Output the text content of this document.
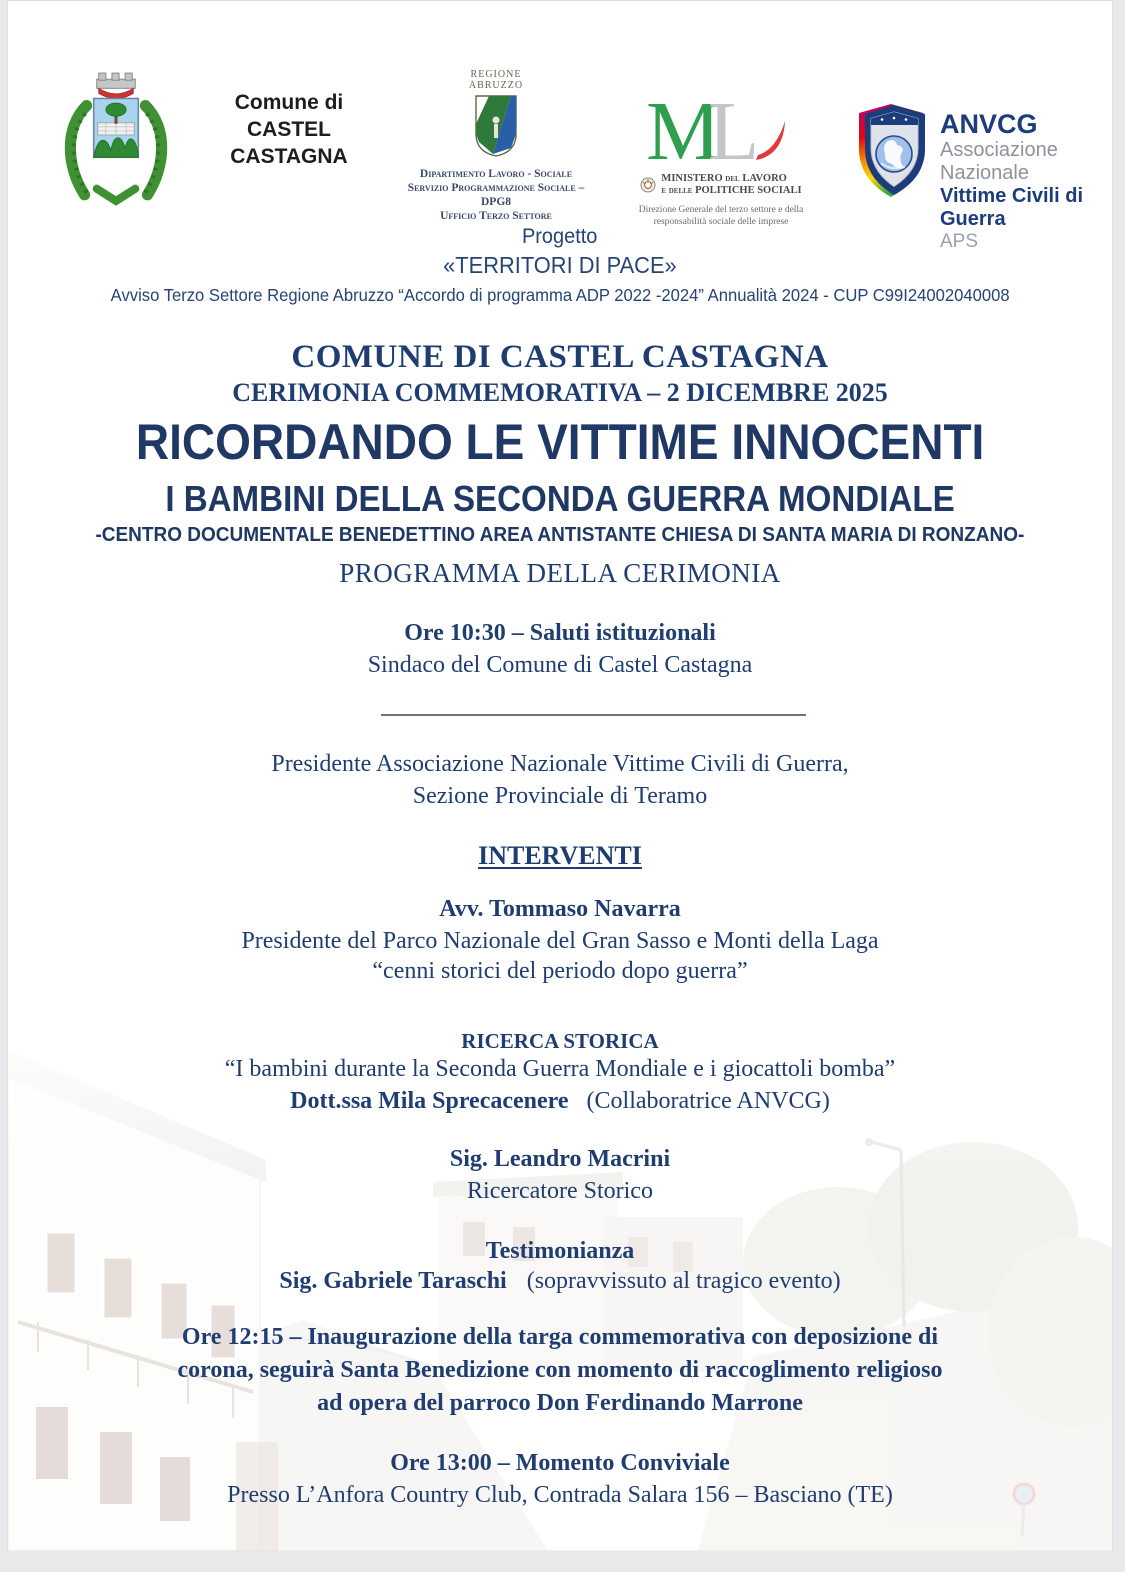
Comune di
CASTEL
CASTAGNA
REGIONE
ABRUZZO
Dipartimento Lavoro - Sociale
Servizio Programmazione Sociale – DPG8
Ufficio Terzo Settore
M
L
MINISTERO del LAVORO
e delle POLITICHE SOCIALI
Direzione Generale del terzo settore e della
responsabilità sociale delle imprese
ANVCG
Associazione Nazionale
Vittime Civili di Guerra
APS
Progetto
«TERRITORI DI PACE»
Avviso Terzo Settore Regione Abruzzo “Accordo di programma ADP 2022 -2024” Annualità 2024 - CUP C99I24002040008
COMUNE DI CASTEL CASTAGNA
CERIMONIA COMMEMORATIVA – 2 DICEMBRE 2025
RICORDANDO LE VITTIME INNOCENTI
I BAMBINI DELLA SECONDA GUERRA MONDIALE
-CENTRO DOCUMENTALE BENEDETTINO AREA ANTISTANTE CHIESA DI SANTA MARIA DI RONZANO-
PROGRAMMA DELLA CERIMONIA
Ore 10:30 – Saluti istituzionali
Sindaco del Comune di Castel Castagna
Presidente Associazione Nazionale Vittime Civili di Guerra,
Sezione Provinciale di Teramo
INTERVENTI
Avv. Tommaso Navarra
Presidente del Parco Nazionale del Gran Sasso e Monti della Laga
“cenni storici del periodo dopo guerra”
RICERCA STORICA
“I bambini durante la Seconda Guerra Mondiale e i giocattoli bomba”
Dott.ssa Mila Sprecacenere (Collaboratrice ANVCG)
Sig. Leandro Macrini
Ricercatore Storico
Testimonianza
Sig. Gabriele Taraschi (sopravvissuto al tragico evento)
Ore 12:15 – Inaugurazione della targa commemorativa con deposizione di
corona, seguirà Santa Benedizione con momento di raccoglimento religioso
ad opera del parroco Don Ferdinando Marrone
Ore 13:00 – Momento Conviviale
Presso L’Anfora Country Club, Contrada Salara 156 – Basciano (TE)
